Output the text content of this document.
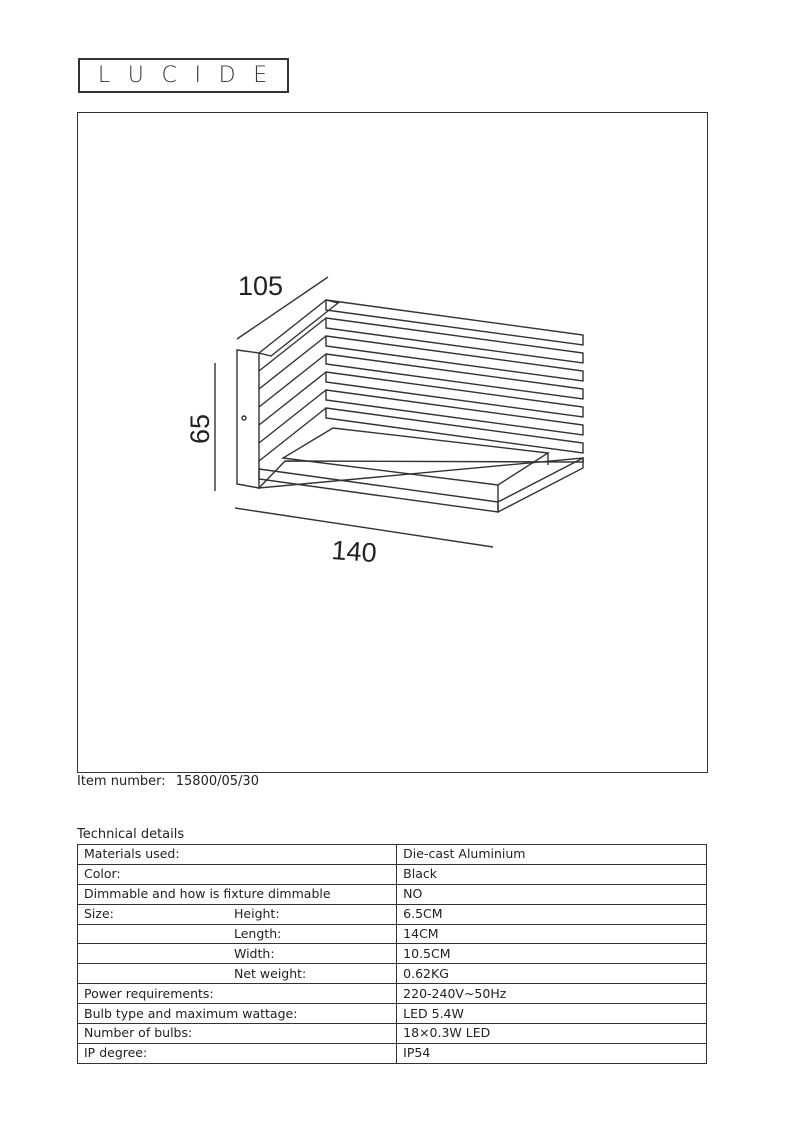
L U C I D E
105
65
140
Item number: 15800/05/30
Technical details
Materials used:	Die-cast Aluminium
Color:	Black
Dimmable and how is fixture dimmable	NO
Size: Height:	6.5CM
Length:	14CM
Width:	10.5CM
Net weight:	0.62KG
Power requirements:	220-240V~50Hz
Bulb type and maximum wattage:	LED 5.4W
Number of bulbs:	18×0.3W LED
IP degree:	IP54
